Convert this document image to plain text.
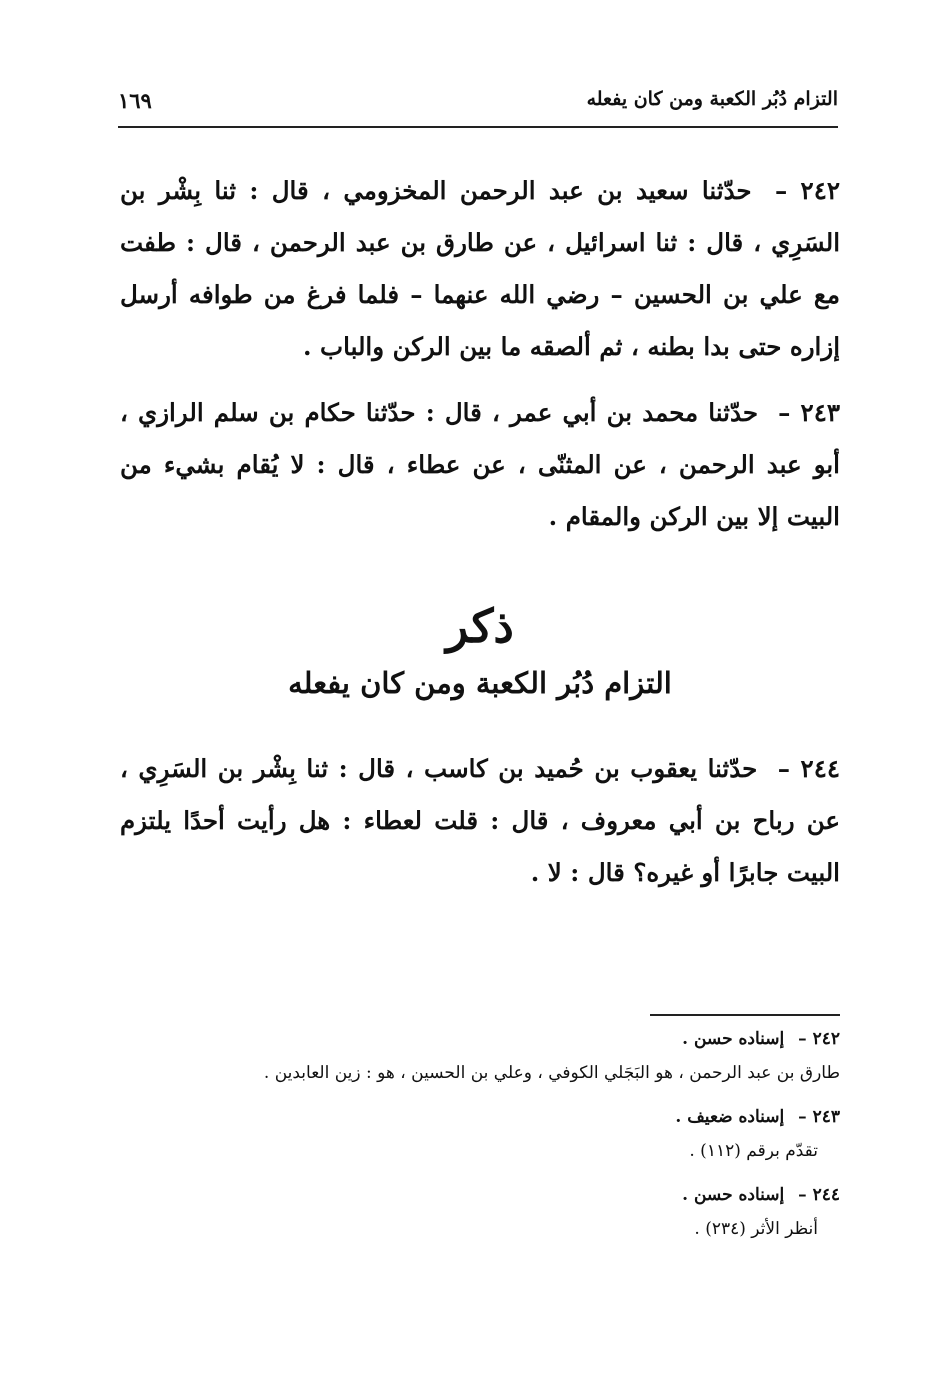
التزام دُبُر الكعبة ومن كان يفعله
١٦٩

٢٤٢ – حدّثنا سعيد بن عبد الرحمن المخزومي ، قال : ثنا بِشْر بن السَرِي ، قال : ثنا اسرائيل ، عن طارق بن عبد الرحمن ، قال : طفت مع علي بن الحسين – رضي الله عنهما – فلما فرغ من طوافه أرسل إزاره حتى بدا بطنه ، ثم ألصقه ما بين الركن والباب .

٢٤٣ – حدّثنا محمد بن أبي عمر ، قال : حدّثنا حكام بن سلم الرازي ، أبو عبد الرحمن ، عن المثنّى ، عن عطاء ، قال : لا يُقام بشيء من البيت إلا بين الركن والمقام .

ذكر
التزام دُبُر الكعبة ومن كان يفعله

٢٤٤ – حدّثنا يعقوب بن حُميد بن كاسب ، قال : ثنا بِشْر بن السَرِي ، عن رباح بن أبي معروف ، قال : قلت لعطاء : هل رأيت أحدًا يلتزم البيت جابرًا أو غيره؟ قال : لا .

٢٤٢ – إسناده حسن .
طارق بن عبد الرحمن ، هو البَجَلي الكوفي ، وعلي بن الحسين ، هو : زين العابدين .
٢٤٣ – إسناده ضعيف .
تقدّم برقم (١١٢) .
٢٤٤ – إسناده حسن .
أنظر الأثر (٢٣٤) .
